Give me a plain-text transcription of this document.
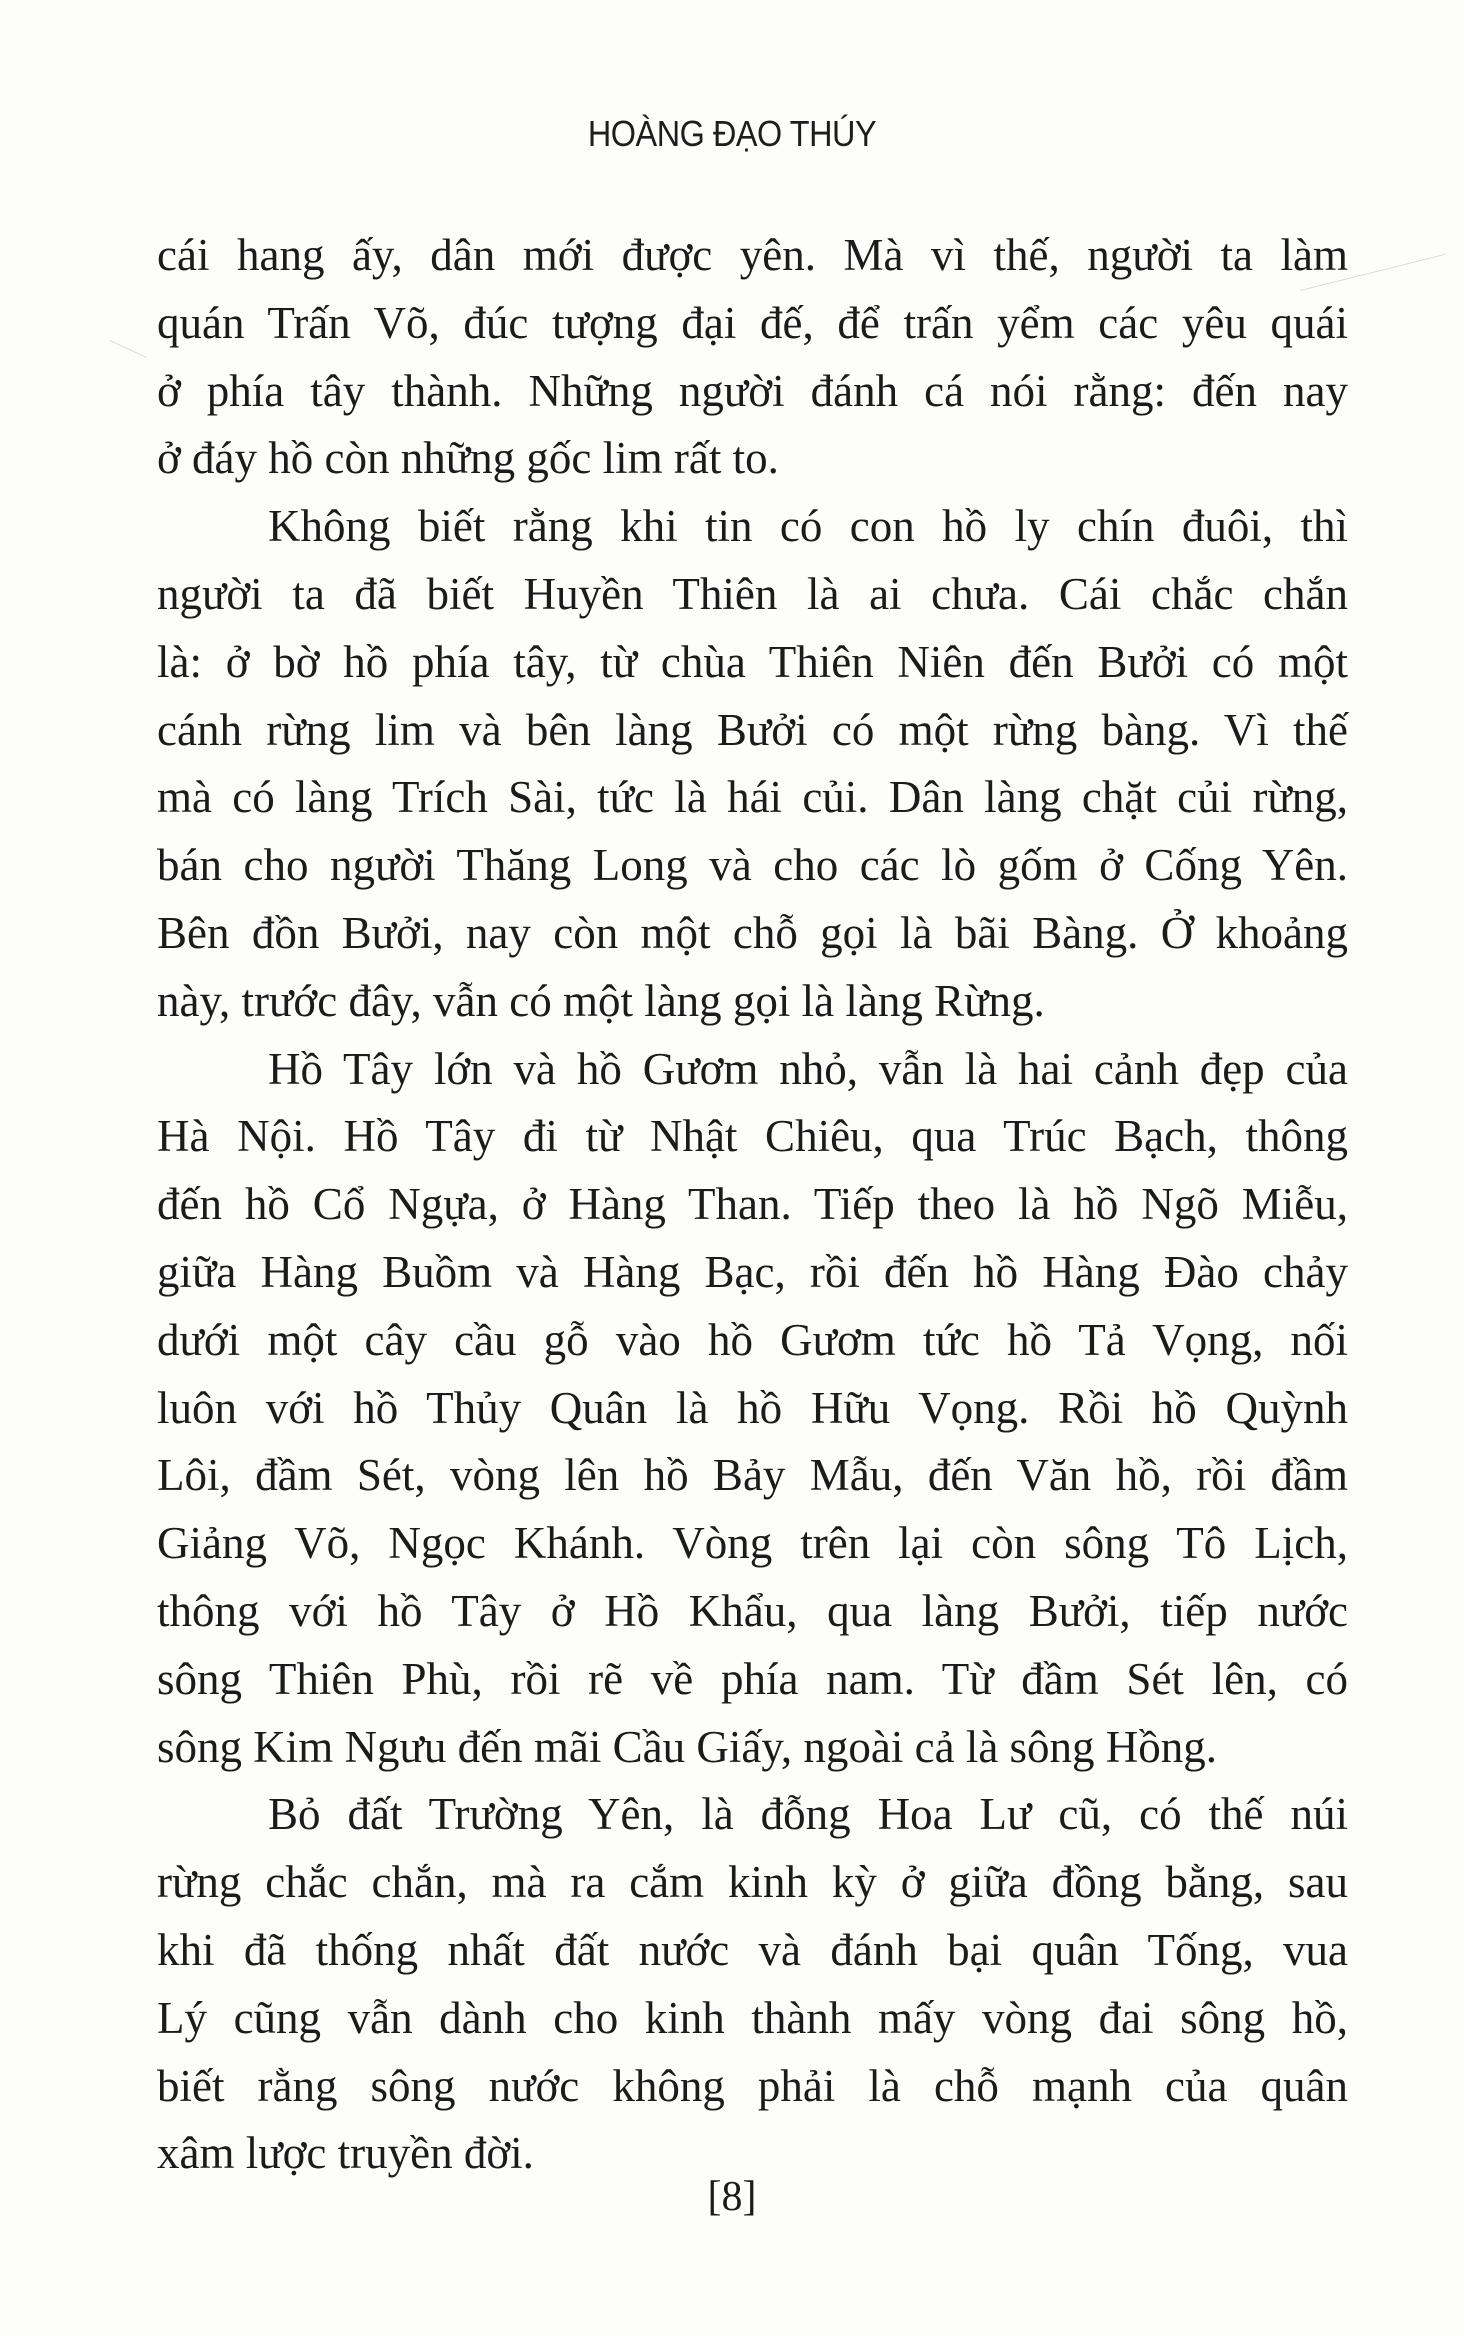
HOÀNG ĐẠO THÚY
cái hang ấy, dân mới được yên. Mà vì thế, người ta làm
quán Trấn Võ, đúc tượng đại đế, để trấn yểm các yêu quái
ở phía tây thành. Những người đánh cá nói rằng: đến nay
ở đáy hồ còn những gốc lim rất to.
Không biết rằng khi tin có con hồ ly chín đuôi, thì
người ta đã biết Huyền Thiên là ai chưa. Cái chắc chắn
là: ở bờ hồ phía tây, từ chùa Thiên Niên đến Bưởi có một
cánh rừng lim và bên làng Bưởi có một rừng bàng. Vì thế
mà có làng Trích Sài, tức là hái củi. Dân làng chặt củi rừng,
bán cho người Thăng Long và cho các lò gốm ở Cống Yên.
Bên đồn Bưởi, nay còn một chỗ gọi là bãi Bàng. Ở khoảng
này, trước đây, vẫn có một làng gọi là làng Rừng.
Hồ Tây lớn và hồ Gươm nhỏ, vẫn là hai cảnh đẹp của
Hà Nội. Hồ Tây đi từ Nhật Chiêu, qua Trúc Bạch, thông
đến hồ Cổ Ngựa, ở Hàng Than. Tiếp theo là hồ Ngõ Miễu,
giữa Hàng Buồm và Hàng Bạc, rồi đến hồ Hàng Đào chảy
dưới một cây cầu gỗ vào hồ Gươm tức hồ Tả Vọng, nối
luôn với hồ Thủy Quân là hồ Hữu Vọng. Rồi hồ Quỳnh
Lôi, đầm Sét, vòng lên hồ Bảy Mẫu, đến Văn hồ, rồi đầm
Giảng Võ, Ngọc Khánh. Vòng trên lại còn sông Tô Lịch,
thông với hồ Tây ở Hồ Khẩu, qua làng Bưởi, tiếp nước
sông Thiên Phù, rồi rẽ về phía nam. Từ đầm Sét lên, có
sông Kim Ngưu đến mãi Cầu Giấy, ngoài cả là sông Hồng.
Bỏ đất Trường Yên, là đỗng Hoa Lư cũ, có thế núi
rừng chắc chắn, mà ra cắm kinh kỳ ở giữa đồng bằng, sau
khi đã thống nhất đất nước và đánh bại quân Tống, vua
Lý cũng vẫn dành cho kinh thành mấy vòng đai sông hồ,
biết rằng sông nước không phải là chỗ mạnh của quân
xâm lược truyền đời.
[8]
